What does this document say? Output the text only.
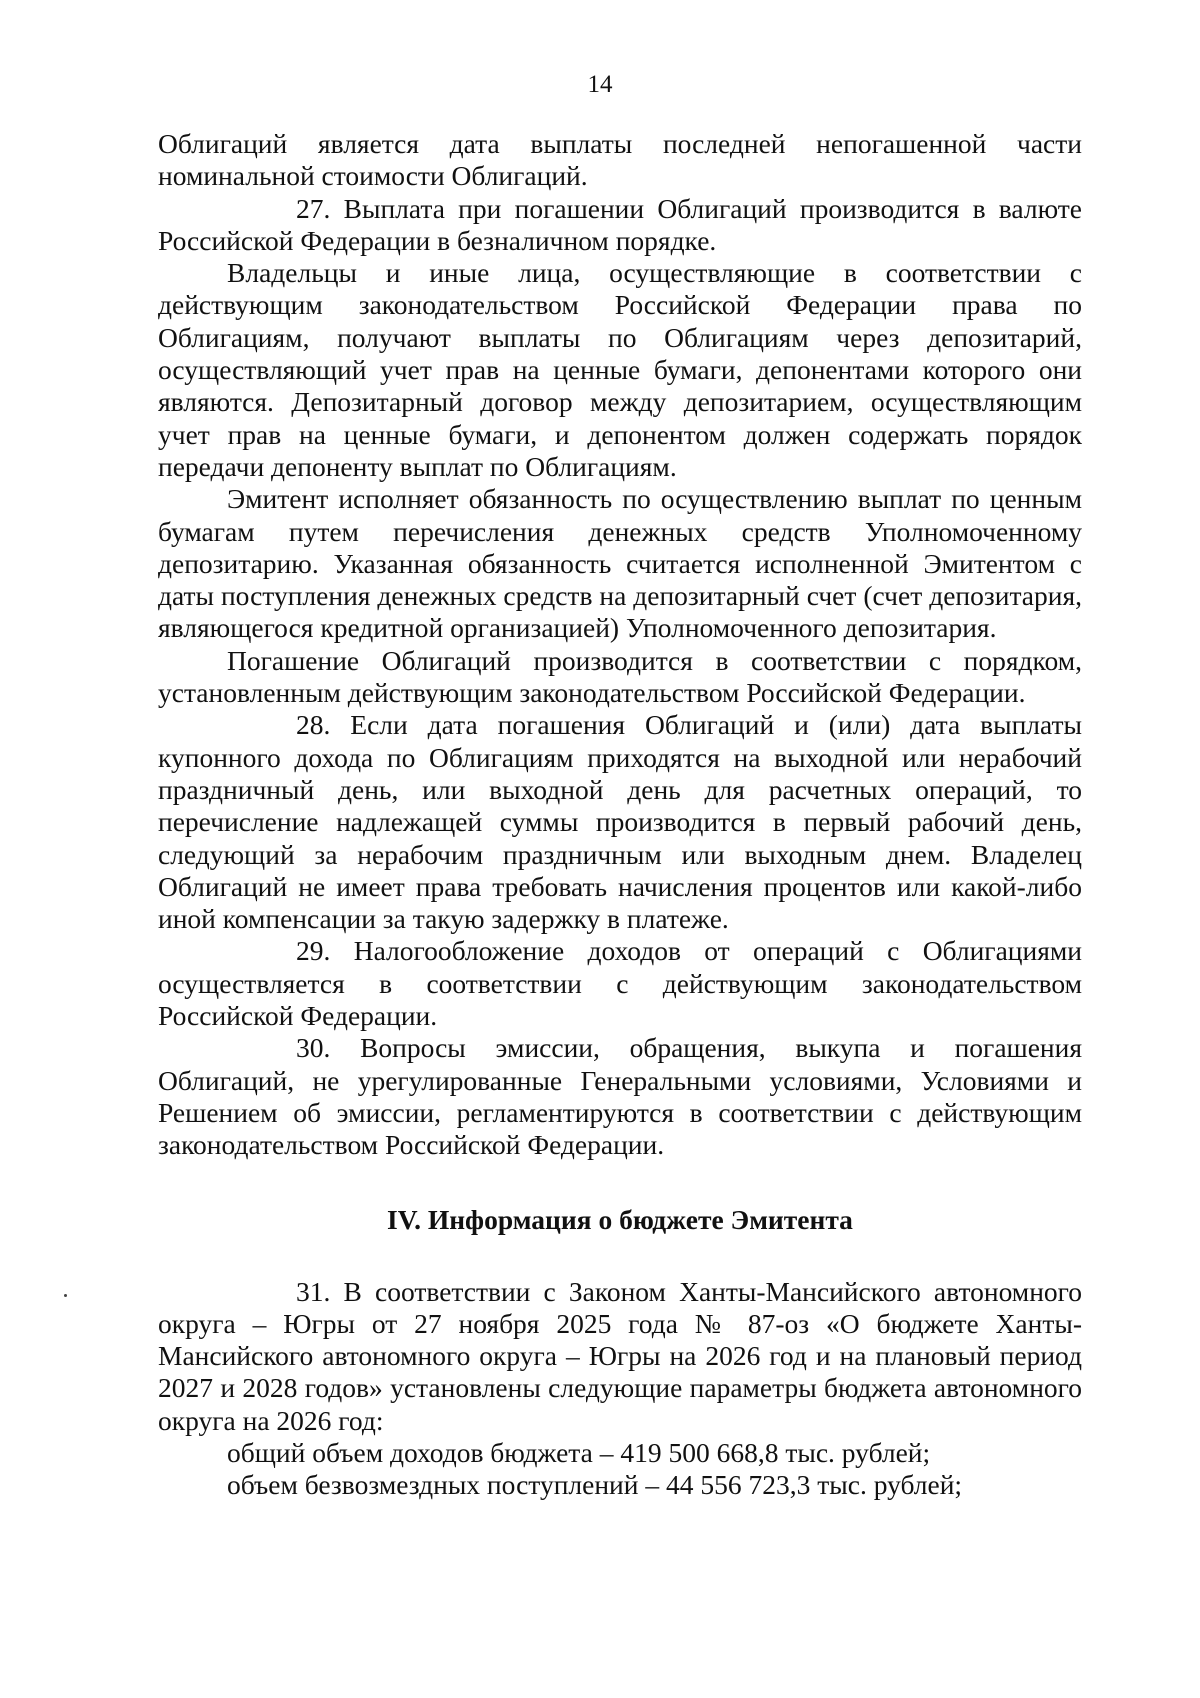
14

Облигаций является дата выплаты последней непогашенной части номинальной стоимости Облигаций.

27. Выплата при погашении Облигаций производится в валюте Российской Федерации в безналичном порядке.

Владельцы и иные лица, осуществляющие в соответствии с действующим законодательством Российской Федерации права по Облигациям, получают выплаты по Облигациям через депозитарий, осуществляющий учет прав на ценные бумаги, депонентами которого они являются. Депозитарный договор между депозитарием, осуществляющим учет прав на ценные бумаги, и депонентом должен содержать порядок передачи депоненту выплат по Облигациям.

Эмитент исполняет обязанность по осуществлению выплат по ценным бумагам путем перечисления денежных средств Уполномоченному депозитарию. Указанная обязанность считается исполненной Эмитентом с даты поступления денежных средств на депозитарный счет (счет депозитария, являющегося кредитной организацией) Уполномоченного депозитария.

Погашение Облигаций производится в соответствии с порядком, установленным действующим законодательством Российской Федерации.

28. Если дата погашения Облигаций и (или) дата выплаты купонного дохода по Облигациям приходятся на выходной или нерабочий праздничный день, или выходной день для расчетных операций, то перечисление надлежащей суммы производится в первый рабочий день, следующий за нерабочим праздничным или выходным днем. Владелец Облигаций не имеет права требовать начисления процентов или какой-либо иной компенсации за такую задержку в платеже.

29. Налогообложение доходов от операций с Облигациями осуществляется в соответствии с действующим законодательством Российской Федерации.

30. Вопросы эмиссии, обращения, выкупа и погашения Облигаций, не урегулированные Генеральными условиями, Условиями и Решением об эмиссии, регламентируются в соответствии с действующим законодательством Российской Федерации.

IV. Информация о бюджете Эмитента

31. В соответствии с Законом Ханты-Мансийского автономного округа – Югры от 27 ноября 2025 года № 87-оз «О бюджете Ханты-Мансийского автономного округа – Югры на 2026 год и на плановый период 2027 и 2028 годов» установлены следующие параметры бюджета автономного округа на 2026 год:

общий объем доходов бюджета – 419 500 668,8 тыс. рублей;

объем безвозмездных поступлений – 44 556 723,3 тыс. рублей;
